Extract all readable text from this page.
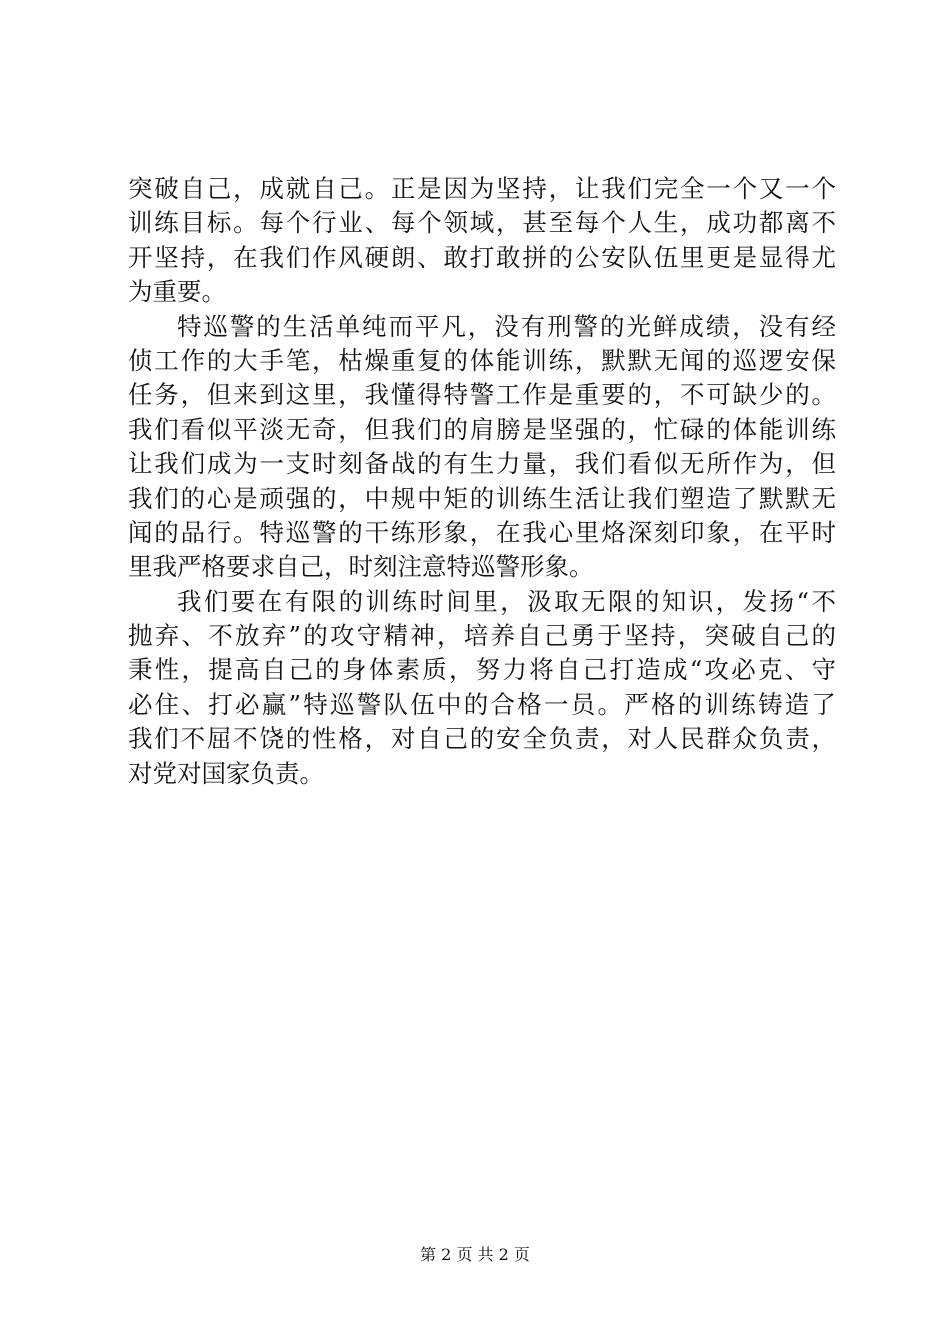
突破自己，成就自己。正是因为坚持，让我们完全一个又一个
训练目标。每个行业、每个领域，甚至每个人生，成功都离不
开坚持，在我们作风硬朗、敢打敢拼的公安队伍里更是显得尤
为重要。
特巡警的生活单纯而平凡，没有刑警的光鲜成绩，没有经
侦工作的大手笔，枯燥重复的体能训练，默默无闻的巡逻安保
任务，但来到这里，我懂得特警工作是重要的，不可缺少的。
我们看似平淡无奇，但我们的肩膀是坚强的，忙碌的体能训练
让我们成为一支时刻备战的有生力量，我们看似无所作为，但
我们的心是顽强的，中规中矩的训练生活让我们塑造了默默无
闻的品行。特巡警的干练形象，在我心里烙深刻印象，在平时
里我严格要求自己，时刻注意特巡警形象。
我们要在有限的训练时间里，汲取无限的知识，发扬“不
抛弃、不放弃”的攻守精神，培养自己勇于坚持，突破自己的
秉性，提高自己的身体素质，努力将自己打造成“攻必克、守
必住、打必赢”特巡警队伍中的合格一员。严格的训练铸造了
我们不屈不饶的性格，对自己的安全负责，对人民群众负责，
对党对国家负责。
第 2 页 共 2 页
